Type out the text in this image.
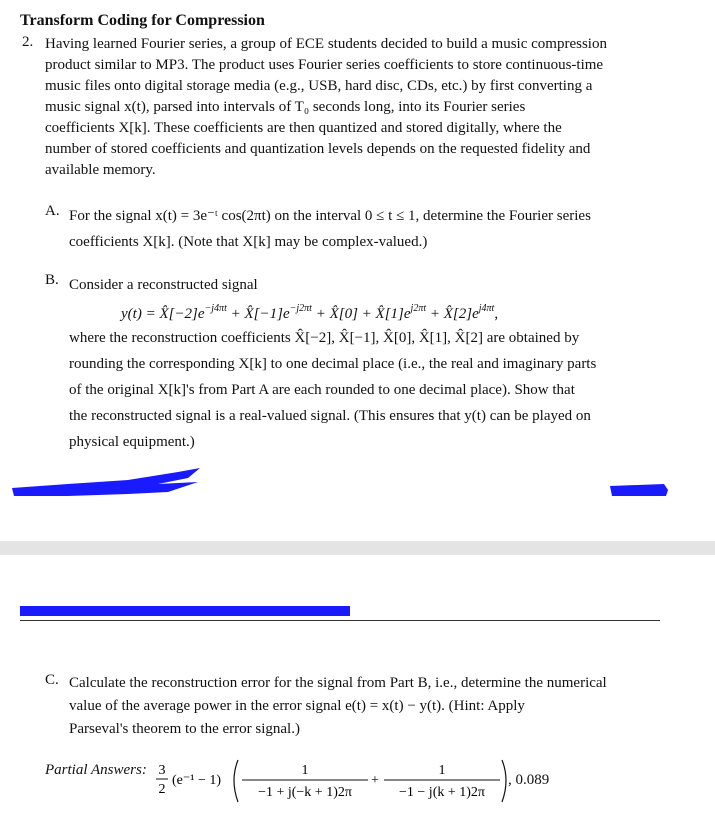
Transform Coding for Compression
2. Having learned Fourier series, a group of ECE students decided to build a music compression
product similar to MP3. The product uses Fourier series coefficients to store continuous-time
music files onto digital storage media (e.g., USB, hard disc, CDs, etc.) by first converting a
music signal x(t), parsed into intervals of T₀ seconds long, into its Fourier series
coefficients X[k]. These coefficients are then quantized and stored digitally, where the
number of stored coefficients and quantization levels depends on the requested fidelity and
available memory.
A. For the signal x(t) = 3e⁻ᵗ cos(2πt) on the interval 0 ≤ t ≤ 1, determine the Fourier series
coefficients X[k]. (Note that X[k] may be complex-valued.)
B. Consider a reconstructed signal
$y(t) = X̂[-2]e^{-j4\pi t}$ + $X̂[-1]e^{-j2\pi t}$ + X̂[0] + $X̂[1]e^{j2\pi t}$ + $X̂[2]e^{j4\pi t}$,
where the reconstruction coefficients X̂[−2], X̂[−1], X̂[0], X̂[1], X̂[2] are obtained by
rounding the corresponding X[k] to one decimal place (i.e., the real and imaginary parts
of the original X[k]'s from Part A are each rounded to one decimal place). Show that
the reconstructed signal is a real-valued signal. (This ensures that y(t) can be played on
physical equipment.)
C. Calculate the reconstruction error for the signal from Part B, i.e., determine the numerical
value of the average power in the error signal e(t) = x(t) − y(t). (Hint: Apply
Parseval's theorem to the error signal.)
Partial Answers: 3
2
(e⁻¹ − 1)
1
−1 + j(−k + 1)2π
+
1
−1 − j(k + 1)2π
, 0.089
